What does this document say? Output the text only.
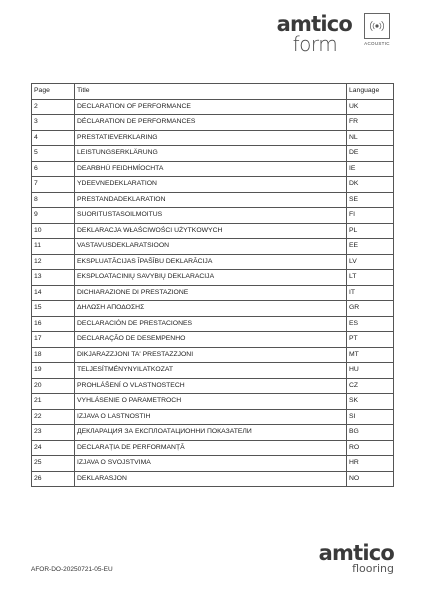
amtico
form	ACOUSTIC
Page	Title	Language
2	DECLARATION OF PERFORMANCE	UK
3	DÉCLARATION DE PERFORMANCES	FR
4	PRESTATIEVERKLARING	NL
5	LEISTUNGSERKLÄRUNG	DE
6	DEARBHÚ FEIDHMÍOCHTA	IE
7	YDEEVNEDEKLARATION	DK
8	PRESTANDADEKLARATION	SE
9	SUORITUSTASOILMOITUS	FI
10	DEKLARACJA WŁAŚCIWOŚCI UŻYTKOWYCH	PL
11	VASTAVUSDEKLARATSIOON	EE
12	EKSPLUATĀCIJAS ĪPAŠĪBU DEKLARĀCIJA	LV
13	EKSPLOATACINIŲ SAVYBIŲ DEKLARACIJA	LT
14	DICHIARAZIONE DI PRESTAZIONE	IT
15	ΔΗΛΩΣΗ ΑΠΟΔΟΣΗΣ	GR
16	DECLARACIÓN DE PRESTACIONES	ES
17	DECLARAÇÃO DE DESEMPENHO	PT
18	DIKJARAZZJONI TA' PRESTAZZJONI	MT
19	TELJESÍTMÉNYNYILATKOZAT	HU
20	PROHLÁŠENÍ O VLASTNOSTECH	CZ
21	VYHLÁSENIE O PARAMETROCH	SK
22	IZJAVA O LASTNOSTIH	SI
23	ДЕКЛАРАЦИЯ ЗА ЕКСПЛОАТАЦИОННИ ПОКАЗАТЕЛИ	BG
24	DECLARAȚIA DE PERFORMANȚĂ	RO
25	IZJAVA O SVOJSTVIMA	HR
26	DEKLARASJON	NO
AFOR-DO-20250721-05-EU
amtico
flooring
